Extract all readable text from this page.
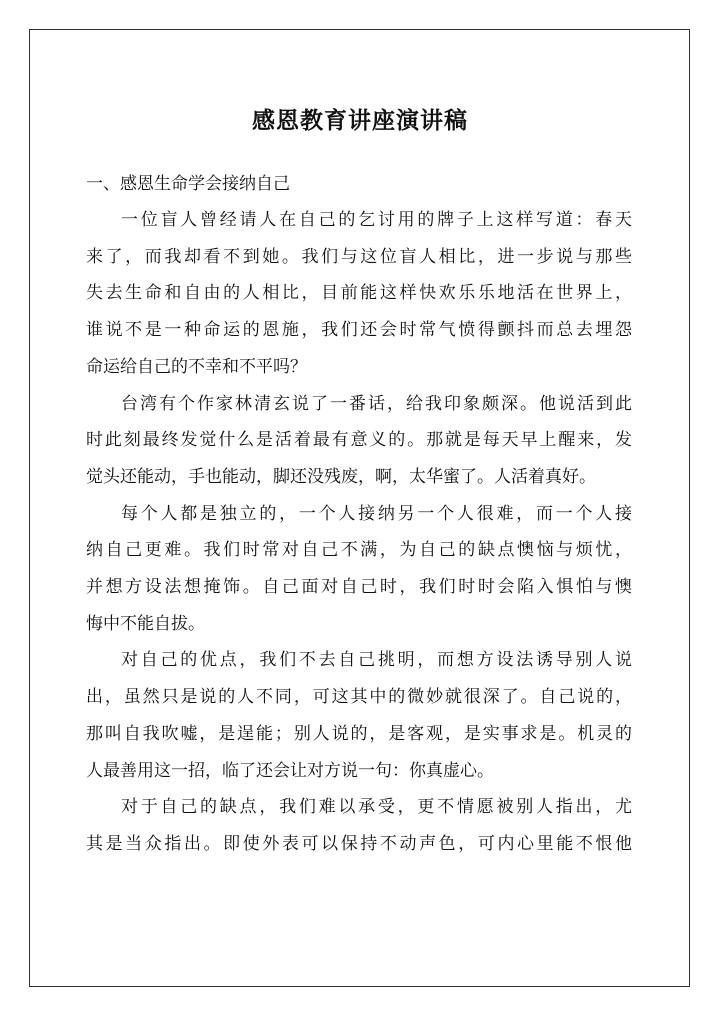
感恩教育讲座演讲稿

一、感恩生命学会接纳自己

一位盲人曾经请人在自己的乞讨用的牌子上这样写道：春天
来了，而我却看不到她。我们与这位盲人相比，进一步说与那些
失去生命和自由的人相比，目前能这样快欢乐乐地活在世界上，
谁说不是一种命运的恩施，我们还会时常气愤得颤抖而总去埋怨
命运给自己的不幸和不平吗？

台湾有个作家林清玄说了一番话，给我印象颇深。他说活到此
时此刻最终发觉什么是活着最有意义的。那就是每天早上醒来，发
觉头还能动，手也能动，脚还没残废，啊，太华蜜了。人活着真好。

每个人都是独立的，一个人接纳另一个人很难，而一个人接
纳自己更难。我们时常对自己不满，为自己的缺点懊恼与烦忧，
并想方设法想掩饰。自己面对自己时，我们时时会陷入惧怕与懊
悔中不能自拔。

对自己的优点，我们不去自己挑明，而想方设法诱导别人说
出，虽然只是说的人不同，可这其中的微妙就很深了。自己说的，
那叫自我吹嘘，是逞能；别人说的，是客观，是实事求是。机灵的
人最善用这一招，临了还会让对方说一句：你真虚心。

对于自己的缺点，我们难以承受，更不情愿被别人指出，尤
其是当众指出。即使外表可以保持不动声色，可内心里能不恨他
